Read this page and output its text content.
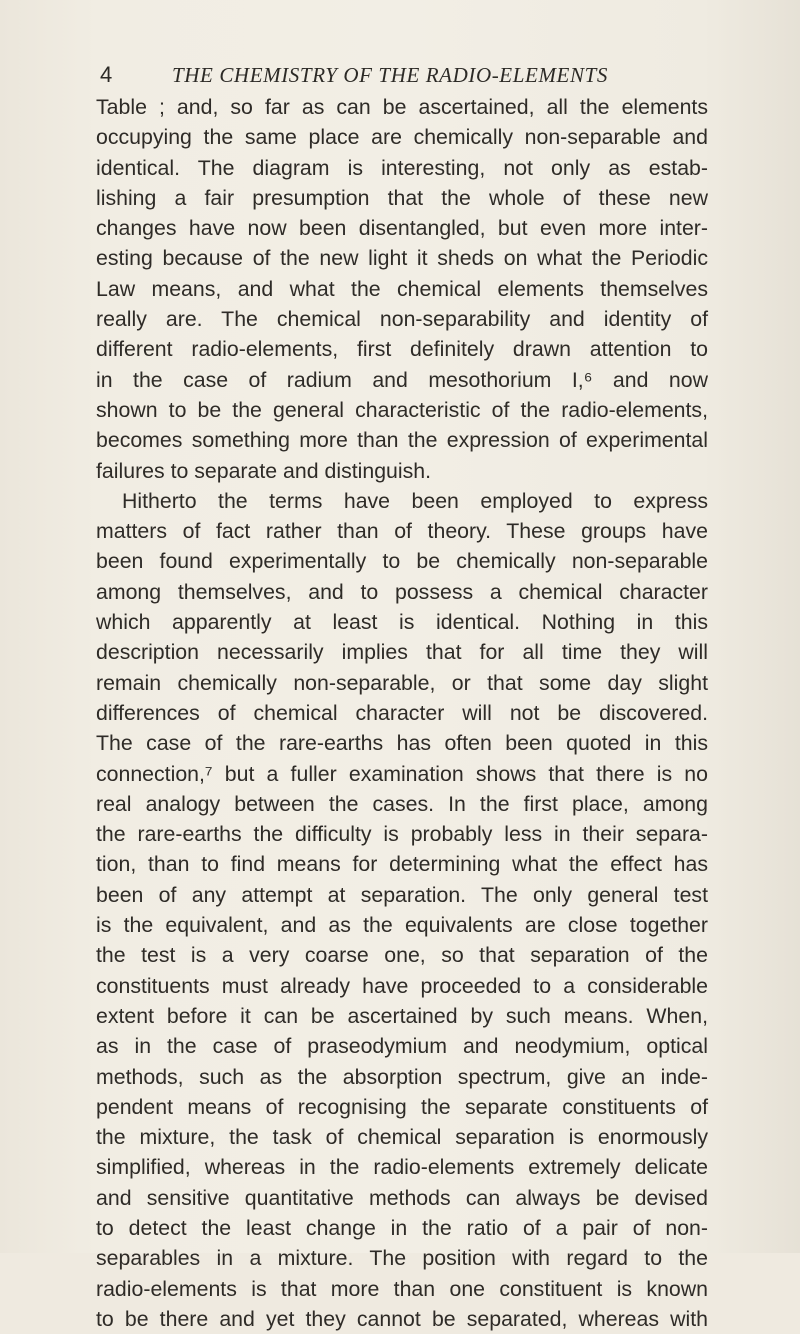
4	THE CHEMISTRY OF THE RADIO-ELEMENTS
Table ; and, so far as can be ascertained, all the elements
occupying the same place are chemically non-separable and
identical. The diagram is interesting, not only as estab-
lishing a fair presumption that the whole of these new
changes have now been disentangled, but even more inter-
esting because of the new light it sheds on what the Periodic
Law means, and what the chemical elements themselves
really are. The chemical non-separability and identity of
different radio-elements, first definitely drawn attention to
in the case of radium and mesothorium I,⁶ and now
shown to be the general characteristic of the radio-elements,
becomes something more than the expression of experimental
failures to separate and distinguish.
Hitherto the terms have been employed to express
matters of fact rather than of theory. These groups have
been found experimentally to be chemically non-separable
among themselves, and to possess a chemical character
which apparently at least is identical. Nothing in this
description necessarily implies that for all time they will
remain chemically non-separable, or that some day slight
differences of chemical character will not be discovered.
The case of the rare-earths has often been quoted in this
connection,⁷ but a fuller examination shows that there is no
real analogy between the cases. In the first place, among
the rare-earths the difficulty is probably less in their separa-
tion, than to find means for determining what the effect has
been of any attempt at separation. The only general test
is the equivalent, and as the equivalents are close together
the test is a very coarse one, so that separation of the
constituents must already have proceeded to a considerable
extent before it can be ascertained by such means. When,
as in the case of praseodymium and neodymium, optical
methods, such as the absorption spectrum, give an inde-
pendent means of recognising the separate constituents of
the mixture, the task of chemical separation is enormously
simplified, whereas in the radio-elements extremely delicate
and sensitive quantitative methods can always be devised
to detect the least change in the ratio of a pair of non-
separables in a mixture. The position with regard to the
radio-elements is that more than one constituent is known
to be there and yet they cannot be separated, whereas with
